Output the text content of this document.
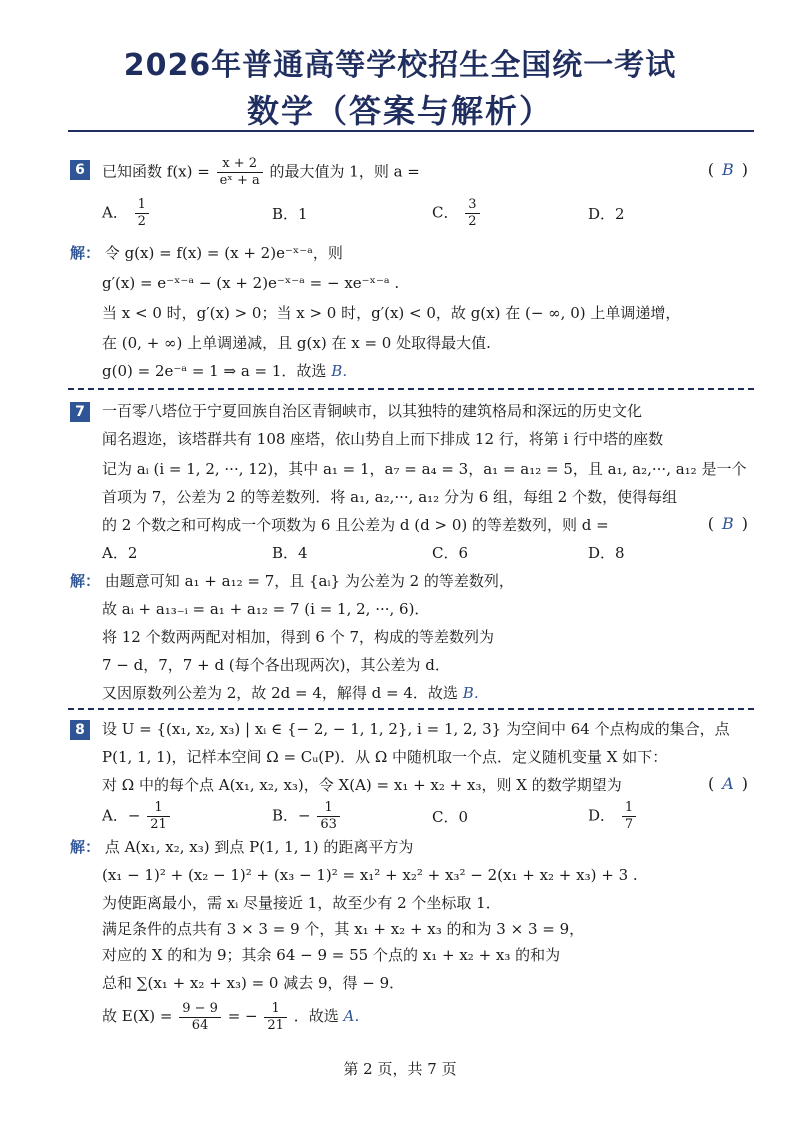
2026年普通高等学校招生全国统一考试
数学（答案与解析）
6	已知函数 $f(x) = \frac{x + 2}{\text{eˣ + a}}$ 的最大值为 1，则 a =	( B )
A． $\frac{1}{2}$	B．1	C． $\frac{3}{2}$	D．2
解： 令 g(x) = f(x) = (x + 2)e⁻ˣ⁻ᵃ，则
g′(x) = e⁻ˣ⁻ᵃ − (x + 2)e⁻ˣ⁻ᵃ = − xe⁻ˣ⁻ᵃ .
当 x < 0 时，g′(x) > 0；当 x > 0 时，g′(x) < 0，故 g(x) 在 (− ∞, 0) 上单调递增，
在 (0, + ∞) 上单调递减，且 g(x) 在 x = 0 处取得最大值.
g(0) = 2e⁻ᵃ = 1 ⇒ a = 1．故选 B．
7	一百零八塔位于宁夏回族自治区青铜峡市，以其独特的建筑格局和深远的历史文化
闻名遐迩，该塔群共有 108 座塔，依山势自上而下排成 12 行，将第 i 行中塔的座数
记为 aᵢ (i = 1, 2, ···, 12)，其中 a₁ = 1，a₇ = a₄ = 3，a₁ = a₁₂ = 5，且 a₁, a₂,···, a₁₂ 是一个
首项为 7，公差为 2 的等差数列．将 a₁, a₂,···, a₁₂ 分为 6 组，每组 2 个数，使得每组
的 2 个数之和可构成一个项数为 6 且公差为 d (d > 0) 的等差数列，则 d =	( B )
A．2	B．4	C．6	D．8
解： 由题意可知 a₁ + a₁₂ = 7，且 {aᵢ} 为公差为 2 的等差数列，
故 aᵢ + a₁₃₋ᵢ = a₁ + a₁₂ = 7 (i = 1, 2, ···, 6)．
将 12 个数两两配对相加，得到 6 个 7，构成的等差数列为
7 − d，7，7 + d (每个各出现两次)，其公差为 d．
又因原数列公差为 2，故 2d = 4，解得 d = 4．故选 B．
8	设 U = {(x₁, x₂, x₃) | xᵢ ∈ {− 2, − 1, 1, 2}, i = 1, 2, 3} 为空间中 64 个点构成的集合，点
P(1, 1, 1)，记样本空间 Ω = Cᵤ(P)．从 Ω 中随机取一个点．定义随机变量 X 如下：
对 Ω 中的每个点 A(x₁, x₂, x₃)，令 X(A) = x₁ + x₂ + x₃，则 X 的数学期望为	( A )
A．− $\frac{1}{21}$	B．− $\frac{1}{63}$	C．0	D． $\frac{1}{7}$
解： 点 A(x₁, x₂, x₃) 到点 P(1, 1, 1) 的距离平方为
(x₁ − 1)² + (x₂ − 1)² + (x₃ − 1)² = x₁² + x₂² + x₃² − 2(x₁ + x₂ + x₃) + 3 .
为使距离最小，需 xᵢ 尽量接近 1，故至少有 2 个坐标取 1．
满足条件的点共有 3 × 3 = 9 个，其 x₁ + x₂ + x₃ 的和为 3 × 3 = 9，
对应的 X 的和为 9；其余 64 − 9 = 55 个点的 x₁ + x₂ + x₃ 的和为
总和 ∑(x₁ + x₂ + x₃) = 0 减去 9，得 − 9．
故 $E(X) = \frac{9 - 9}{64}$ = − $\frac{1}{21}$ ．故选 A．
第 2 页，共 7 页
